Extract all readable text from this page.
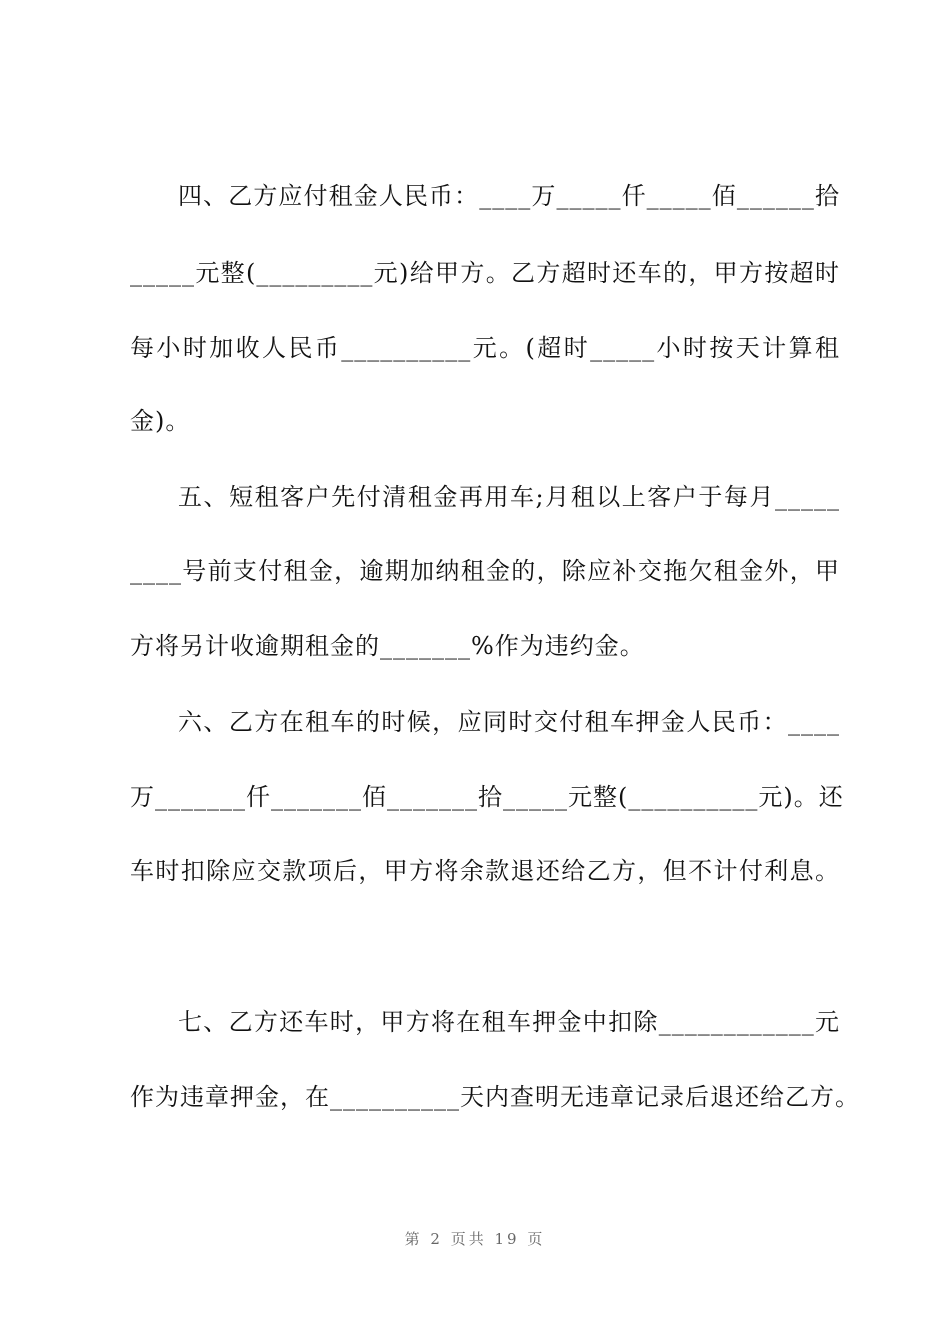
四、乙方应付租金人民币：____万_____仟_____佰______拾
_____元整(_________元)给甲方。乙方超时还车的，甲方按超时
每小时加收人民币__________元。(超时_____小时按天计算租
金)。
五、短租客户先付清租金再用车;月租以上客户于每月_____
____号前支付租金，逾期加纳租金的，除应补交拖欠租金外，甲
方将另计收逾期租金的_______%作为违约金。
六、乙方在租车的时候，应同时交付租车押金人民币：____
万_______仟_______佰_______拾_____元整(__________元)。还
车时扣除应交款项后，甲方将余款退还给乙方，但不计付利息。
七、乙方还车时，甲方将在租车押金中扣除____________元
作为违章押金，在__________天内查明无违章记录后退还给乙方。
第 2 页共 19 页
